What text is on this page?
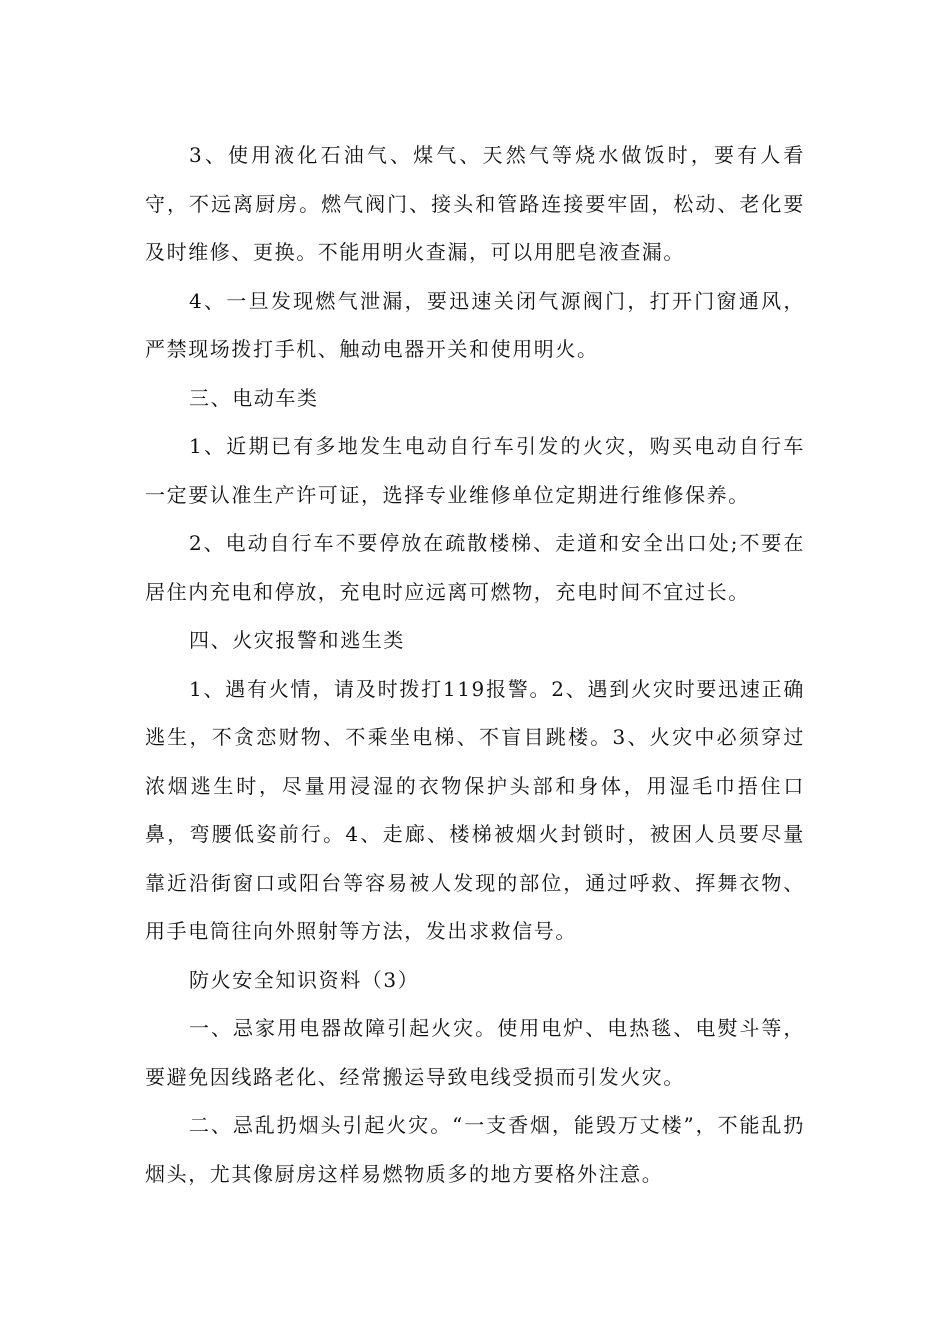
3、使用液化石油气、煤气、天然气等烧水做饭时，要有人看守，不远离厨房。燃气阀门、接头和管路连接要牢固，松动、老化要及时维修、更换。不能用明火查漏，可以用肥皂液查漏。

4、一旦发现燃气泄漏，要迅速关闭气源阀门，打开门窗通风，严禁现场拨打手机、触动电器开关和使用明火。

三、电动车类

1、近期已有多地发生电动自行车引发的火灾，购买电动自行车一定要认准生产许可证，选择专业维修单位定期进行维修保养。

2、电动自行车不要停放在疏散楼梯、走道和安全出口处;不要在居住内充电和停放，充电时应远离可燃物，充电时间不宜过长。

四、火灾报警和逃生类

1、遇有火情，请及时拨打119报警。2、遇到火灾时要迅速正确逃生，不贪恋财物、不乘坐电梯、不盲目跳楼。3、火灾中必须穿过浓烟逃生时，尽量用浸湿的衣物保护头部和身体，用湿毛巾捂住口鼻，弯腰低姿前行。4、走廊、楼梯被烟火封锁时，被困人员要尽量靠近沿街窗口或阳台等容易被人发现的部位，通过呼救、挥舞衣物、用手电筒往向外照射等方法，发出求救信号。

防火安全知识资料（3）

一、忌家用电器故障引起火灾。使用电炉、电热毯、电熨斗等，要避免因线路老化、经常搬运导致电线受损而引发火灾。

二、忌乱扔烟头引起火灾。“一支香烟，能毁万丈楼”，不能乱扔烟头，尤其像厨房这样易燃物质多的地方要格外注意。
